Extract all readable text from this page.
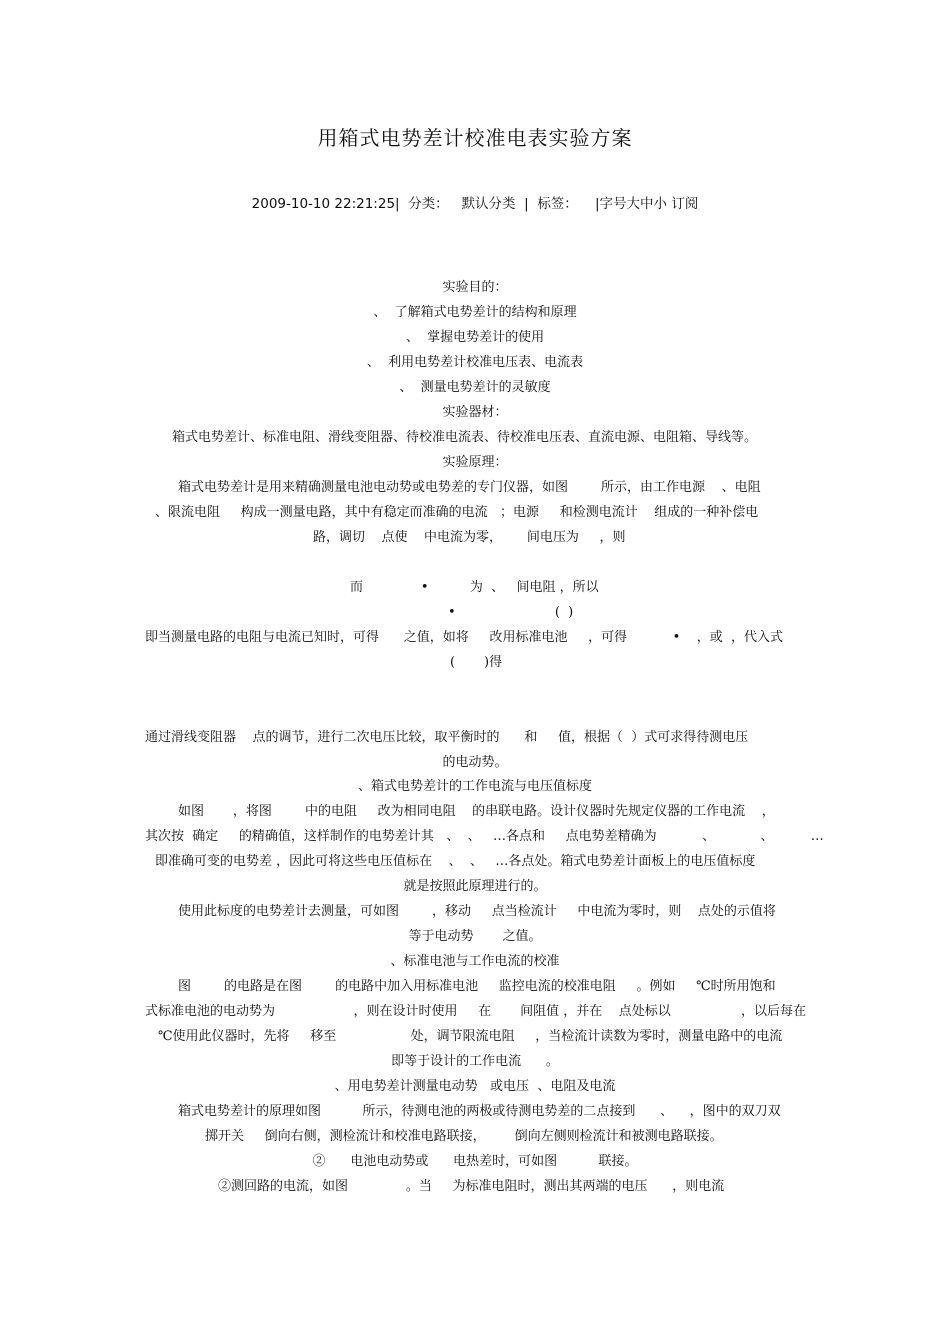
用箱式电势差计校准电表实验方案
2009-10-10 22:21:25| 分类： 默认分类 | 标签： |字号大中小 订阅
实验目的：
、  了解箱式电势差计的结构和原理
、  掌握电势差计的使用
、  利用电势差计校准电压表、电流表
、  测量电势差计的灵敏度
实验器材：
箱式电势差计、标准电阻、滑线变阻器、待校准电流表、待校准电压表、直流电源、电阻箱、导线等。
实验原理：
箱式电势差计是用来精确测量电池电动势或电势差的专门仪器，如图        所示，由工作电源    、电阻
、限流电阻     构成一测量电路，其中有稳定而准确的电流   ；电源     和检测电流计    组成的一种补偿电
路，调切    点使    中电流为零，      间电压为     ，则
而              •          为  、   间电阻 ，所以
•                        (  )
即当测量电路的电阻与电流已知时，可得      之值，如将     改用标准电池     ，可得           •    ，或  ，代入式
(       )得
通过滑线变阻器    点的调节，进行二次电压比较，取平衡时的      和     值，根据（  ）式可求得待测电压
的电动势。
、箱式电势差计的工作电流与电压值标度
如图       ，将图        中的电阻     改为相同电阻    的串联电路。设计仪器时先规定仪器的工作电流    ，
其次按  确定     的精确值，这样制作的电势差计其   、  、   …各点和     点电势差精确为           、           、         …
即准确可变的电势差 ，因此可将这些电压值标在    、  、   …各点处。箱式电势差计面板上的电压值标度
就是按照此原理进行的。
使用此标度的电势差计去测量，可如图        ，移动     点当检流计     中电流为零时，则    点处的示值将
等于电动势       之值。
、标准电池与工作电流的校准
图        的电路是在图        的电路中加入用标准电池     监控电流的校准电阻     。例如     ℃时所用饱和
式标准电池的电动势为                   ，则在设计时使用     在       间阻值 ，并在    点处标以                 ，以后每在
℃使用此仪器时，先将     移至                  处，调节限流电阻     ，当检流计读数为零时，测量电路中的电流
即等于设计的工作电流      。
、用电势差计测量电动势   或电压  、电阻及电流
箱式电势差计的原理如图          所示，待测电池的两极或待测电势差的二点接到      、    ，图中的双刀双
掷开关     倒向右侧，测检流计和校准电路联接，       倒向左侧则检流计和被测电路联接。
②      电池电动势或      电热差时，可如图          联接。
②测回路的电流，如图              。当     为标准电阻时，测出其两端的电压      ，则电流
